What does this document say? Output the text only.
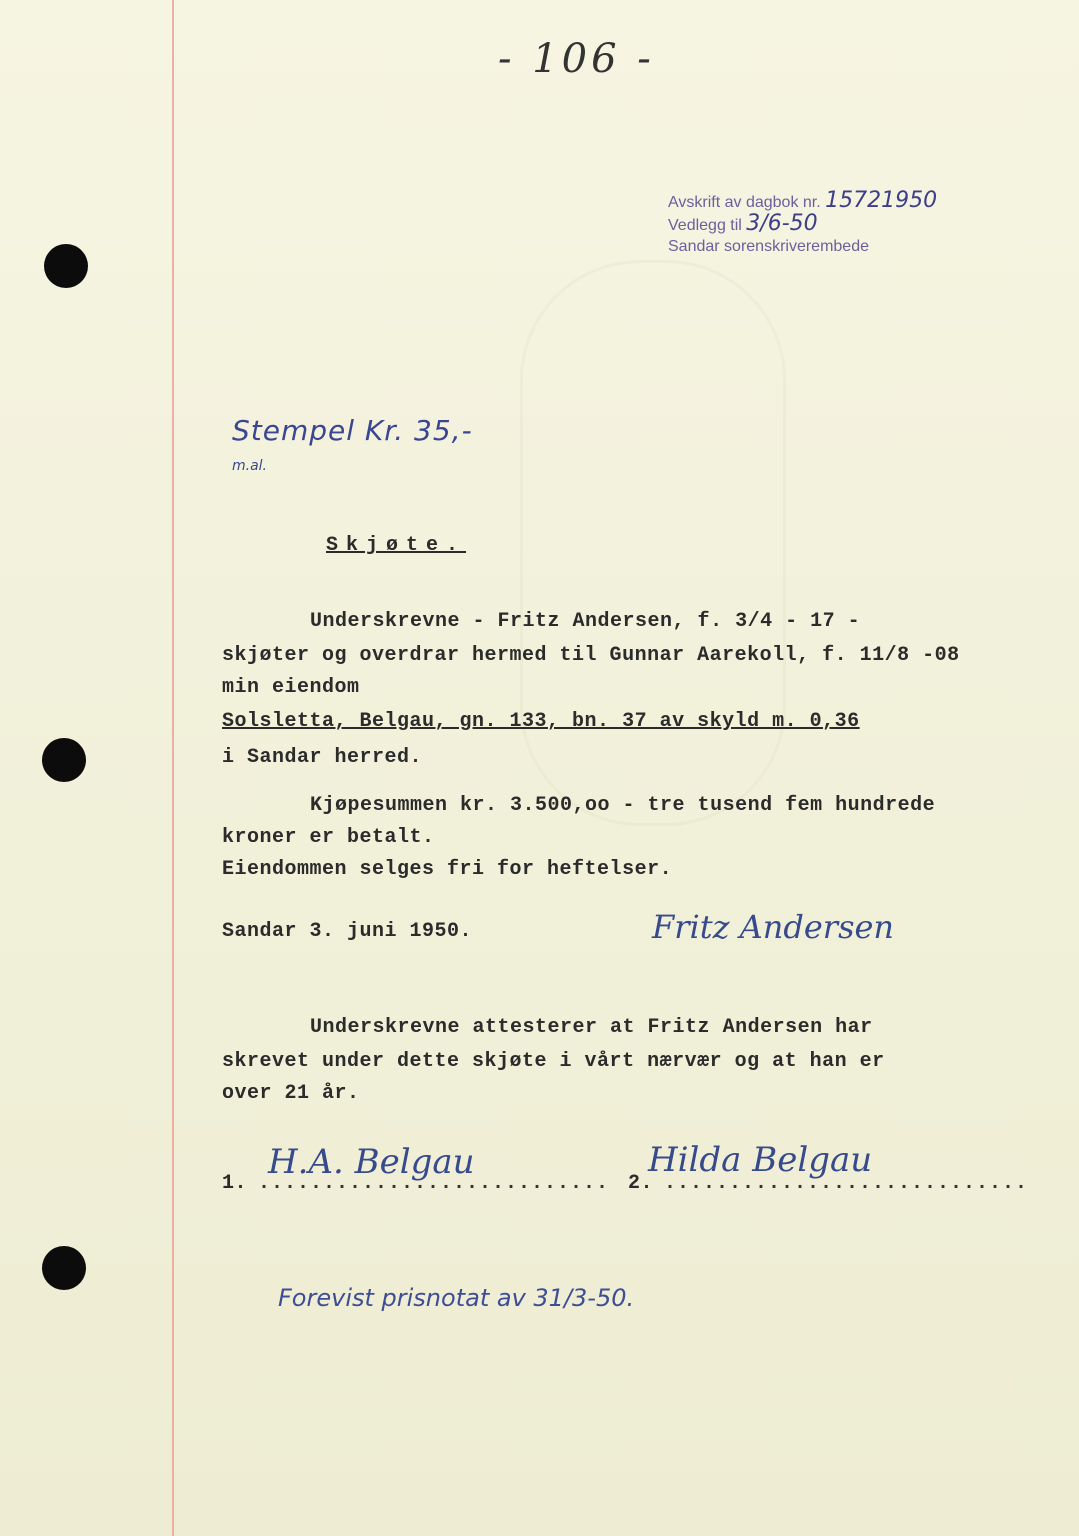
- 106 -
Avskrift av dagbok nr. 15721950
Vedlegg til 3/6-50
Sandar sorenskriverembede
Stempel Kr. 35,-
m.al.
Skjøte.
Underskrevne - Fritz Andersen, f. 3/4 - 17 -
skjøter og overdrar hermed til Gunnar Aarekoll, f. 11/8 -08
min eiendom
Solsletta, Belgau, gn. 133, bn. 37 av skyld m. 0,36
i Sandar herred.
Kjøpesummen kr. 3.500,oo - tre tusend fem hundrede
kroner er betalt.
Eiendommen selges fri for heftelser.
Sandar 3. juni 1950.	Fritz Andersen
Underskrevne attesterer at Fritz Andersen har
skrevet under dette skjøte i vårt nærvær og at han er
over 21 år.
H.A. Belgau	Hilda Belgau
1. ........................... 2. ............................
Forevist prisnotat av 31/3-50.
